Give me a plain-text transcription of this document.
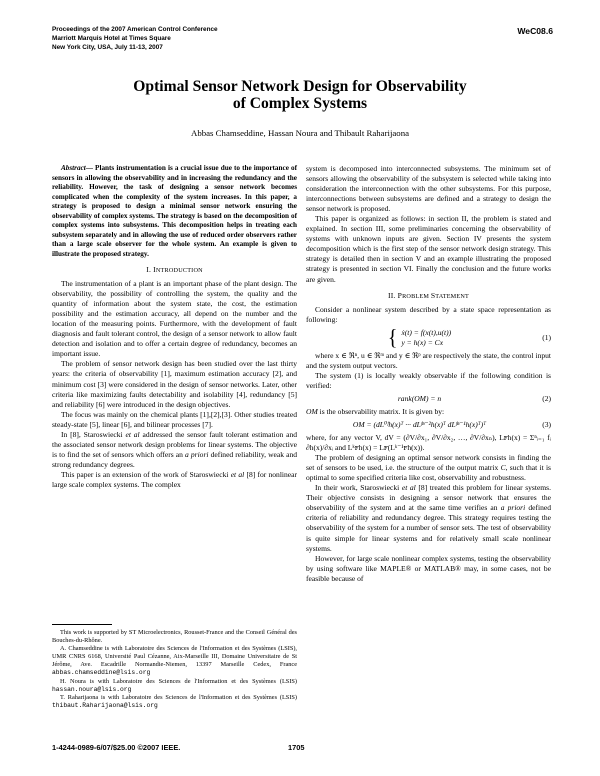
Proceedings of the 2007 American Control Conference
Marriott Marquis Hotel at Times Square
New York City, USA, July 11-13, 2007
WeC08.6
Optimal Sensor Network Design for Observability
of Complex Systems
Abbas Chamseddine, Hassan Noura and Thibault Raharijaona

Abstract— Plants instrumentation is a crucial issue due to the importance of sensors in allowing the observability and in increasing the redundancy and the reliability. However, the task of designing a sensor network becomes complicated when the complexity of the system increases. In this paper, a strategy is proposed to design a minimal sensor network ensuring the observability of complex systems. The strategy is based on the decomposition of complex systems into subsystems. This decomposition helps in treating each subsystem separately and in allowing the use of reduced order observers rather than a large scale observer for the whole system. An example is given to illustrate the proposed strategy.

I. INTRODUCTION

The instrumentation of a plant is an important phase of the plant design. The observability, the possibility of controlling the system, the quality and the quantity of information about the system state, the cost, the estimation possibility and the estimation accuracy, all depend on the number and the location of the measuring points. Furthermore, with the development of fault diagnosis and fault tolerant control, the design of a sensor network to allow fault detection and isolation and to offer a certain degree of redundancy, becomes an important issue.

The problem of sensor network design has been studied over the last thirty years: the criteria of observability [1], maximum estimation accuracy [2], and minimum cost [3] were considered in the design of sensor networks. Later, other criteria like maximizing faults detectability and isolability [4], redundancy [5] and reliability [6] were introduced in the design objectives.

The focus was mainly on the chemical plants [1],[2],[3]. Other studies treated steady-state [5], linear [6], and bilinear processes [7].

In [8], Staroswiecki et al addressed the sensor fault tolerant estimation and the associated sensor network design problems for linear systems. The objective is to find the set of sensors which offers an a priori defined reliability, weak and strong redundancy degrees.

This paper is an extension of the work of Staroswiecki et al [8] for nonlinear large scale complex systems. The complex

This work is supported by ST Microelectronics, Rousset-France and the Conseil Général des Bouches-du-Rhône.

A. Chamseddine is with Laboratoire des Sciences de l'Information et des Systèmes (LSIS), UMR CNRS 6168, Université Paul Cézanne, Aix-Marseille III, Domaine Universitaire de St Jérôme, Ave. Escadrille Normandie-Niemen, 13397 Marseille Cedex, France abbas.chamseddine@lsis.org

H. Noura is with Laboratoire des Sciences de l'Information et des Systèmes (LSIS) hassan.noura@lsis.org

T. Raharijaona is with Laboratoire des Sciences de l'Information et des Systèmes (LSIS) thibaut.Raharijaona@lsis.org

system is decomposed into interconnected subsystems. The minimum set of sensors allowing the observability of the subsystem is selected while taking into consideration the interconnection with the other subsystems. For this purpose, interconnections between subsystems are defined and a strategy to design the sensor network is proposed.

This paper is organized as follows: in section II, the problem is stated and explained. In section III, some preliminaries concerning the observability of systems with unknown inputs are given. Section IV presents the system decomposition which is the first step of the sensor network design strategy. This strategy is detailed then in section V and an example illustrating the proposed strategy is presented in section VI. Finally the conclusion and the future works are given.

II. PROBLEM STATEMENT

Consider a nonlinear system described by a state space representation as following:

{ ẋ(t) = f(x(t),u(t))
y = h(x) = Cx
(1)

where x ∈ ℜⁿ, u ∈ ℜᵐ and y ∈ ℜᵖ are respectively the state, the control input and the system output vectors.

The system (1) is locally weakly observable if the following condition is verified:

rank(OM) = n	(2)

OM is the observability matrix. It is given by:

OM = (dL⁰ᶠh(x)ᵀ ··· dLᶠⁿ⁻²h(x)ᵀ dLᶠⁿ⁻¹h(x)ᵀ)ᵀ	(3)

where, for any vector V, dV = (∂V/∂x₁, ∂V/∂x₂, …, ∂V/∂xₙ), Lꜰh(x) = Σⁿᵢ₌₁ fᵢ ∂h(x)/∂xᵢ and Lᵏꜰh(x) = Lꜰ(Lᵏ⁻¹ꜰh(x)).

The problem of designing an optimal sensor network consists in finding the set of sensors to be used, i.e. the structure of the output matrix C, such that it is optimal to some specified criteria like cost, observability and robustness.

In their work, Staroswiecki et al [8] treated this problem for linear systems. Their objective consists in designing a sensor network that ensures the observability of the system and at the same time verifies an a priori defined criteria of reliability and redundancy degree. This strategy requires testing the observability of the system for a number of sensor sets. The test of observability is quite simple for linear systems and for relatively small scale nonlinear systems.

However, for large scale nonlinear complex systems, testing the observability by using software like MAPLE® or MATLAB® may, in some cases, not be feasible because of

1-4244-0989-6/07/$25.00 ©2007 IEEE.	1705
